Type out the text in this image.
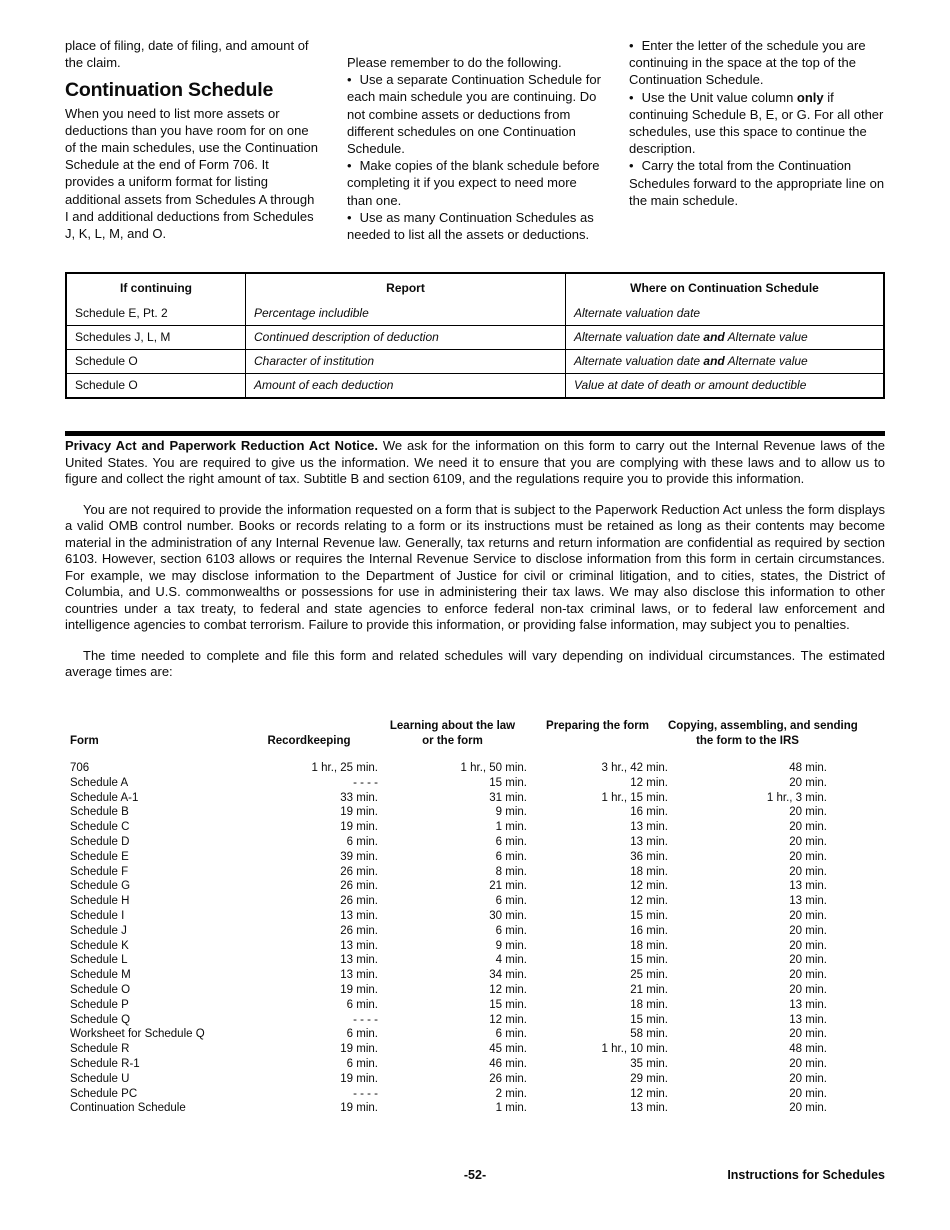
place of filing, date of filing, and amount of the claim.

Continuation Schedule

When you need to list more assets or deductions than you have room for on one of the main schedules, use the Continuation Schedule at the end of Form 706. It provides a uniform format for listing additional assets from Schedules A through I and additional deductions from Schedules J, K, L, M, and O.

Please remember to do the following.

• Use a separate Continuation Schedule for each main schedule you are continuing. Do not combine assets or deductions from different schedules on one Continuation Schedule.

• Make copies of the blank schedule before completing it if you expect to need more than one.

• Use as many Continuation Schedules as needed to list all the assets or deductions.

• Enter the letter of the schedule you are continuing in the space at the top of the Continuation Schedule.

• Use the Unit value column only if continuing Schedule B, E, or G. For all other schedules, use this space to continue the description.

• Carry the total from the Continuation Schedules forward to the appropriate line on the main schedule.

If continuing	Report	Where on Continuation Schedule
Schedule E, Pt. 2	Percentage includible	Alternate valuation date
Schedules J, L, M	Continued description of deduction	Alternate valuation date and Alternate value
Schedule O	Character of institution	Alternate valuation date and Alternate value
Schedule O	Amount of each deduction	Value at date of death or amount deductible

Privacy Act and Paperwork Reduction Act Notice. We ask for the information on this form to carry out the Internal Revenue laws of the United States. You are required to give us the information. We need it to ensure that you are complying with these laws and to allow us to figure and collect the right amount of tax. Subtitle B and section 6109, and the regulations require you to provide this information.

You are not required to provide the information requested on a form that is subject to the Paperwork Reduction Act unless the form displays a valid OMB control number. Books or records relating to a form or its instructions must be retained as long as their contents may become material in the administration of any Internal Revenue law. Generally, tax returns and return information are confidential as required by section 6103. However, section 6103 allows or requires the Internal Revenue Service to disclose information from this form in certain circumstances. For example, we may disclose information to the Department of Justice for civil or criminal litigation, and to cities, states, the District of Columbia, and U.S. commonwealths or possessions for use in administering their tax laws. We may also disclose this information to other countries under a tax treaty, to federal and state agencies to enforce federal non-tax criminal laws, or to federal law enforcement and intelligence agencies to combat terrorism. Failure to provide this information, or providing false information, may subject you to penalties.

The time needed to complete and file this form and related schedules will vary depending on individual circumstances. The estimated average times are:

Form	Recordkeeping
Learning about the law
or the form
Preparing the form	Copying, assembling, and sending
the form to the IRS
706	1 hr., 25 min.	1 hr., 50 min.	3 hr., 42 min.	48 min.
Schedule A	- - - -	15 min.	12 min.	20 min.
Schedule A-1	33 min.	31 min.	1 hr., 15 min.	1 hr., 3 min.
Schedule B	19 min.	9 min.	16 min.	20 min.
Schedule C	19 min.	1 min.	13 min.	20 min.
Schedule D	6 min.	6 min.	13 min.	20 min.
Schedule E	39 min.	6 min.	36 min.	20 min.
Schedule F	26 min.	8 min.	18 min.	20 min.
Schedule G	26 min.	21 min.	12 min.	13 min.
Schedule H	26 min.	6 min.	12 min.	13 min.
Schedule I	13 min.	30 min.	15 min.	20 min.
Schedule J	26 min.	6 min.	16 min.	20 min.
Schedule K	13 min.	9 min.	18 min.	20 min.
Schedule L	13 min.	4 min.	15 min.	20 min.
Schedule M	13 min.	34 min.	25 min.	20 min.
Schedule O	19 min.	12 min.	21 min.	20 min.
Schedule P	6 min.	15 min.	18 min.	13 min.
Schedule Q	- - - -	12 min.	15 min.	13 min.
Worksheet for Schedule Q	6 min.	6 min.	58 min.	20 min.
Schedule R	19 min.	45 min.	1 hr., 10 min.	48 min.
Schedule R-1	6 min.	46 min.	35 min.	20 min.
Schedule U	19 min.	26 min.	29 min.	20 min.
Schedule PC	- - - -	2 min.	12 min.	20 min.
Continuation Schedule	19 min.	1 min.	13 min.	20 min.
-52-	Instructions for Schedules
